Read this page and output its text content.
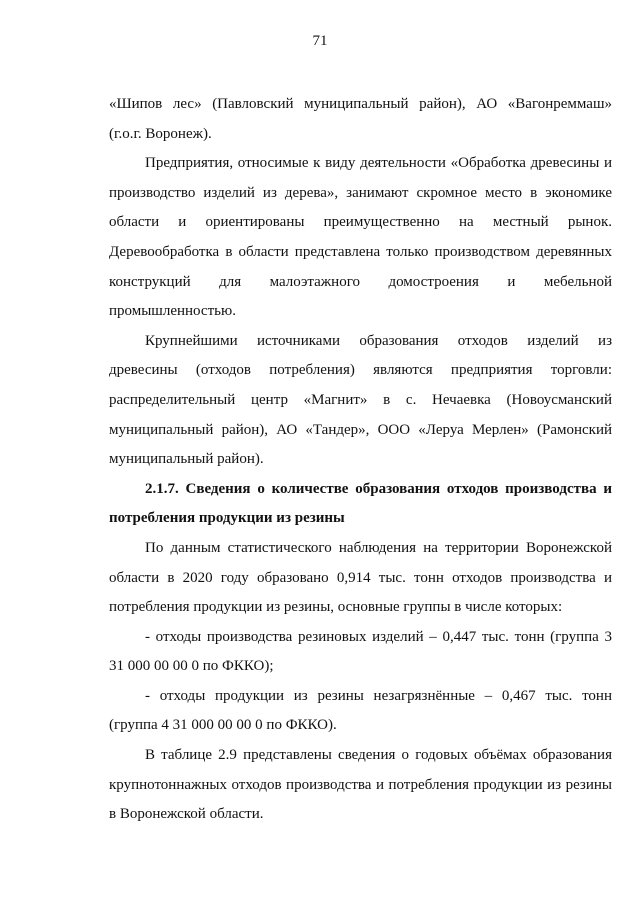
71
«Шипов лес» (Павловский муниципальный район), АО «Вагонреммаш»
(г.о.г. Воронеж).
Предприятия, относимые к виду деятельности «Обработка древесины и
производство изделий из дерева», занимают скромное место в экономике
области и ориентированы преимущественно на местный рынок.
Деревообработка в области представлена только производством деревянных
конструкций для малоэтажного домостроения и мебельной
промышленностью.
Крупнейшими источниками образования отходов изделий из
древесины (отходов потребления) являются предприятия торговли:
распределительный центр «Магнит» в с. Нечаевка (Новоусманский
муниципальный район), АО «Тандер», ООО «Леруа Мерлен» (Рамонский
муниципальный район).
2.1.7. Сведения о количестве образования отходов производства и
потребления продукции из резины
По данным статистического наблюдения на территории Воронежской
области в 2020 году образовано 0,914 тыс. тонн отходов производства и
потребления продукции из резины, основные группы в числе которых:
- отходы производства резиновых изделий – 0,447 тыс. тонн (группа 3
31 000 00 00 0 по ФККО);
- отходы продукции из резины незагрязнённые – 0,467 тыс. тонн
(группа 4 31 000 00 00 0 по ФККО).
В таблице 2.9 представлены сведения о годовых объёмах образования
крупнотоннажных отходов производства и потребления продукции из резины
в Воронежской области.
